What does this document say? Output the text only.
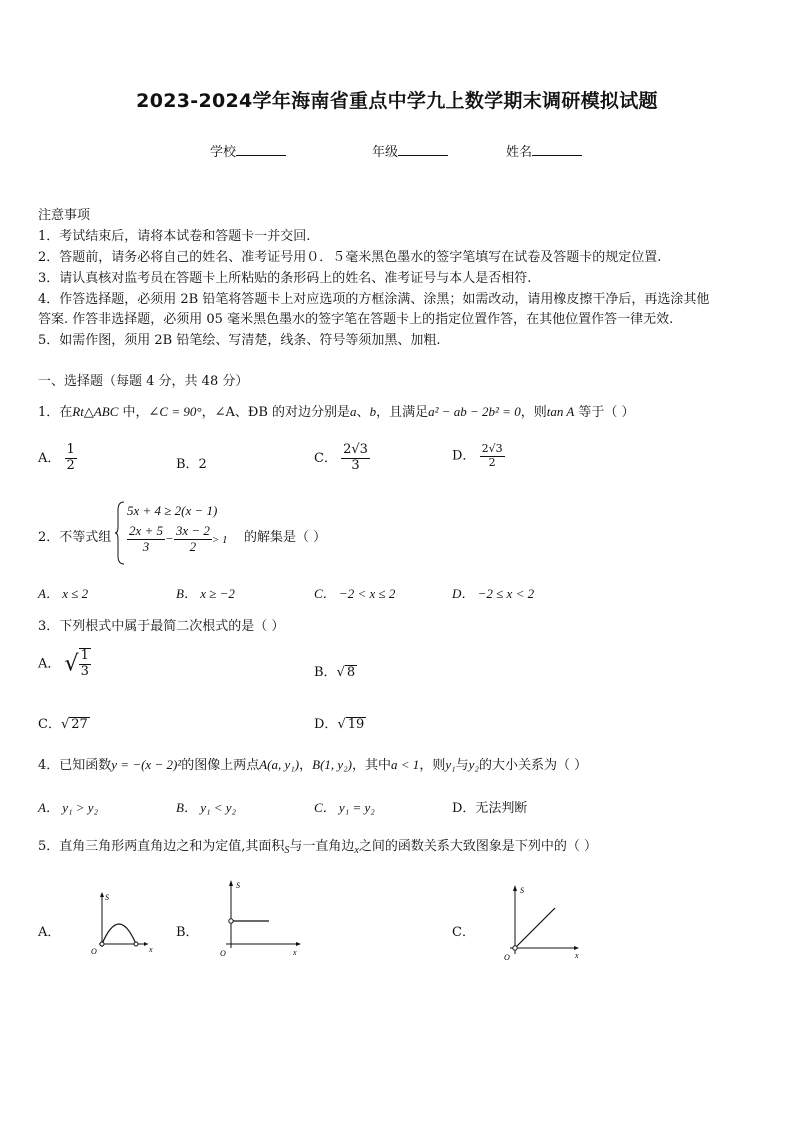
2023-2024学年海南省重点中学九上数学期末调研模拟试题
学校	年级	姓名
注意事项
1．考试结束后，请将本试卷和答题卡一并交回.
2．答题前，请务必将自己的姓名、准考证号用０．５毫米黑色墨水的签字笔填写在试卷及答题卡的规定位置.
3．请认真核对监考员在答题卡上所粘贴的条形码上的姓名、准考证号与本人是否相符.
4．作答选择题，必须用 2B 铅笔将答题卡上对应选项的方框涂满、涂黑；如需改动，请用橡皮擦干净后，再选涂其他
答案. 作答非选择题，必须用 05 毫米黑色墨水的签字笔在答题卡上的指定位置作答，在其他位置作答一律无效.
5．如需作图，须用 2B 铅笔绘、写清楚，线条、符号等须加黑、加粗.
一、选择题（每题 4 分，共 48 分）
1．在Rt△ABC 中，∠C = 90°，∠A、ÐB 的对边分别是a、b，且满足a² − ab − 2b² = 0，则tan A 等于（ ）
A． $\frac{1}{2}$	B．2	C． $\frac{2√3}{3}$	D． $\frac{2√3}{2}$
2．不等式组
5x + 4 ≥ 2(x − 1)
$\frac{2x + 5}{3} - \frac{3x - 2}{2} > 1$ 的解集是（ ）
A． x ≤ 2	B． x ≥ −2	C． −2 < x ≤ 2	D． −2 ≤ x < 2
3．下列根式中属于最简二次根式的是（ ）
A． √ $\frac{1}{3}$	B．√ 8
C．√ 27	D．√ 19
4．已知函数y = −(x − 2)²的图像上两点A(a, y₁)，B(1, y₂)，其中a < 1，则y₁与y₂的大小关系为（ ）
A． y₁ > y₂	B． y₁ < y₂	C． y₁ = y₂	D．无法判断
5．直角三角形两直角边之和为定值,其面积$_S$与一直角边$_x$之间的函数关系大致图象是下列中的（ ）
A．
S
x
O
B．
S
x
O
C．
S
x
O
